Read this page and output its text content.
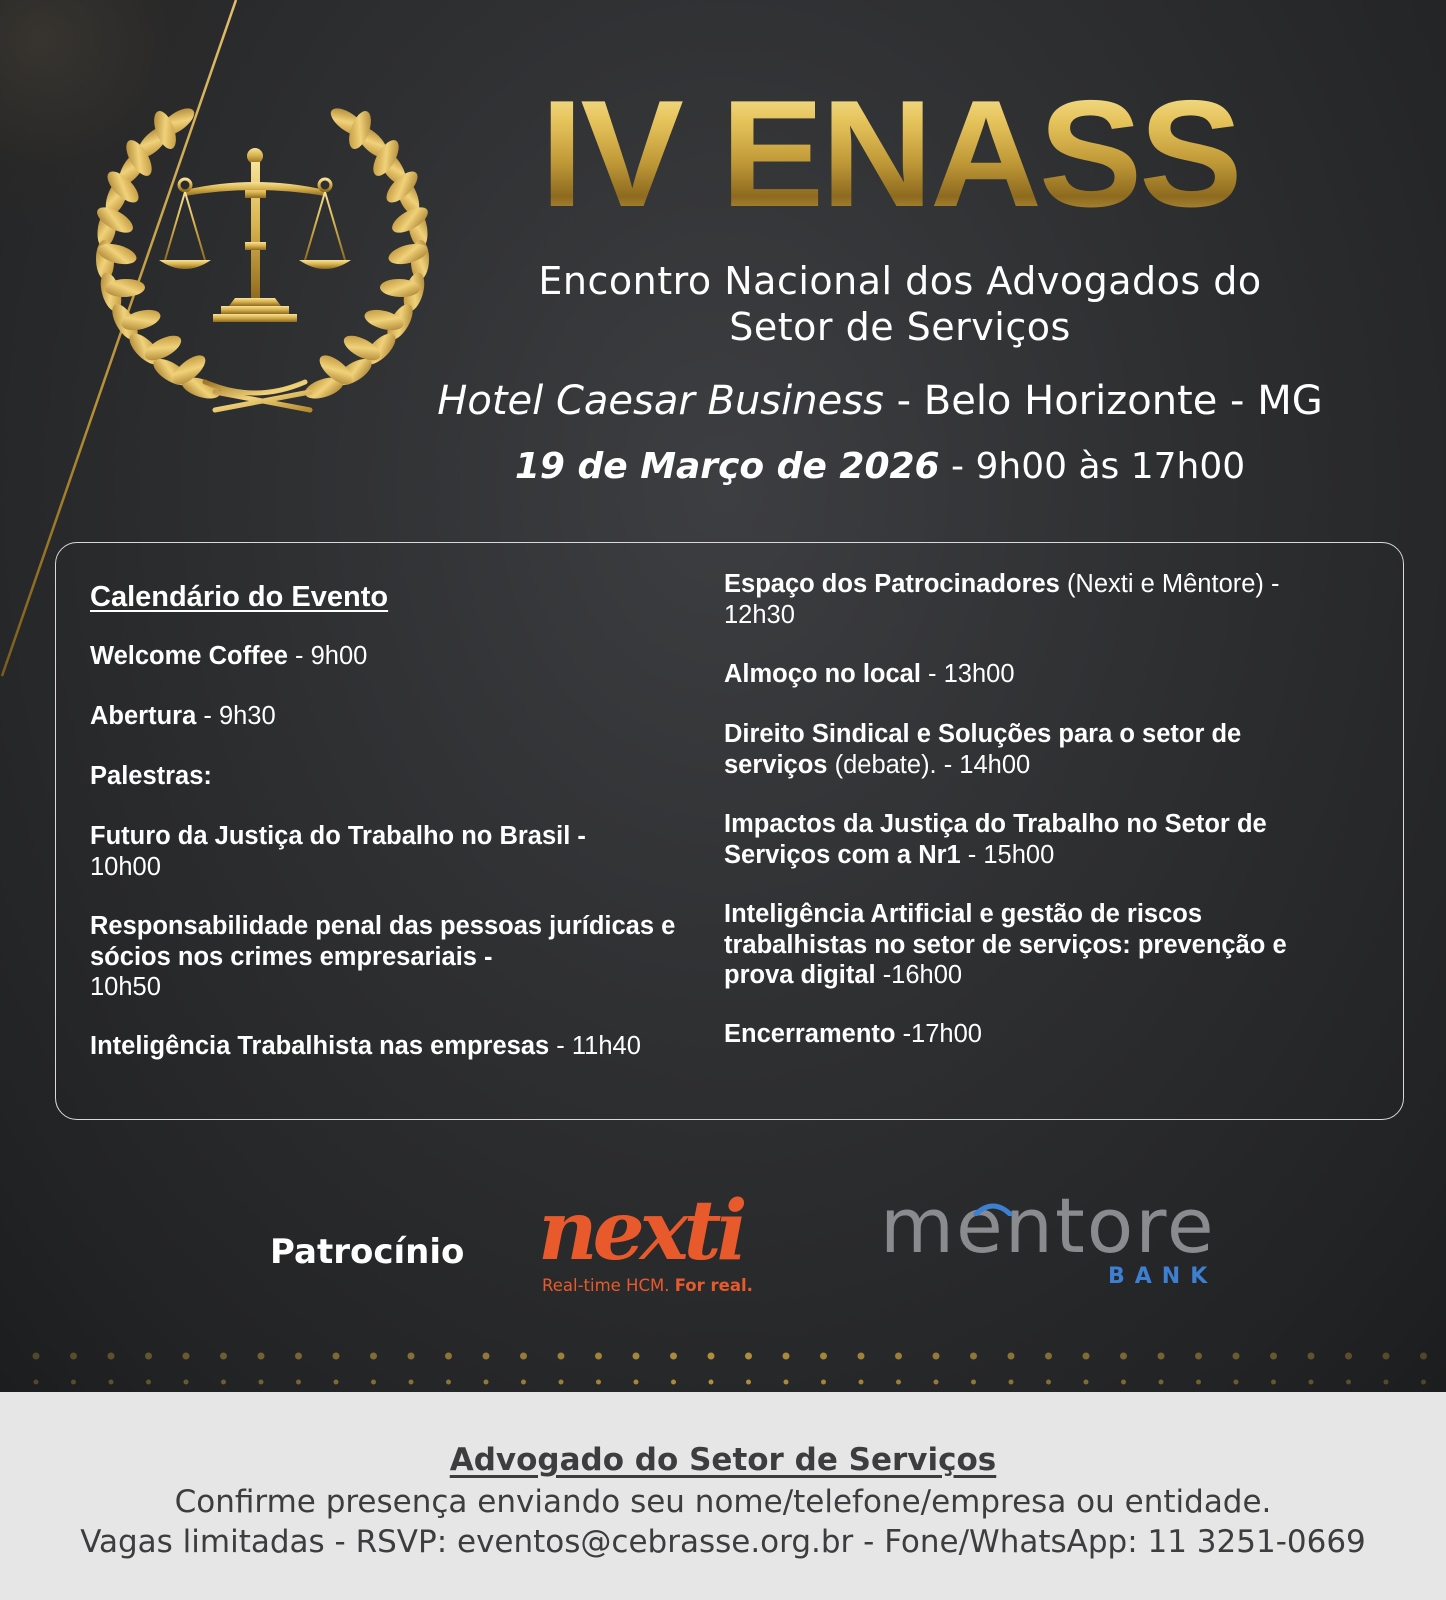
IV ENASS
Encontro Nacional dos Advogados do
Setor de Serviços
Hotel Caesar Business - Belo Horizonte - MG
19 de Março de 2026 - 9h00 às 17h00
Calendário do Evento
Welcome Coffee - 9h00
Abertura - 9h30
Palestras:
Futuro da Justiça do Trabalho no Brasil -
10h00
Responsabilidade penal das pessoas jurídicas e sócios nos crimes empresariais -
10h50
Inteligência Trabalhista nas empresas - 11h40
Espaço dos Patrocinadores (Nexti e Mêntore) - 12h30
Almoço no local - 13h00
Direito Sindical e Soluções para o setor de serviços (debate). - 14h00
Impactos da Justiça do Trabalho no Setor de Serviços com a Nr1 - 15h00
Inteligência Artificial e gestão de riscos trabalhistas no setor de serviços: prevenção e prova digital -16h00
Encerramento -17h00
Patrocínio nexti
Real-time HCM. For real.
mentore
BANK
Advogado do Setor de Serviços
Confirme presença enviando seu nome/telefone/empresa ou entidade.
Vagas limitadas - RSVP: eventos@cebrasse.org.br - Fone/WhatsApp: 11 3251-0669
